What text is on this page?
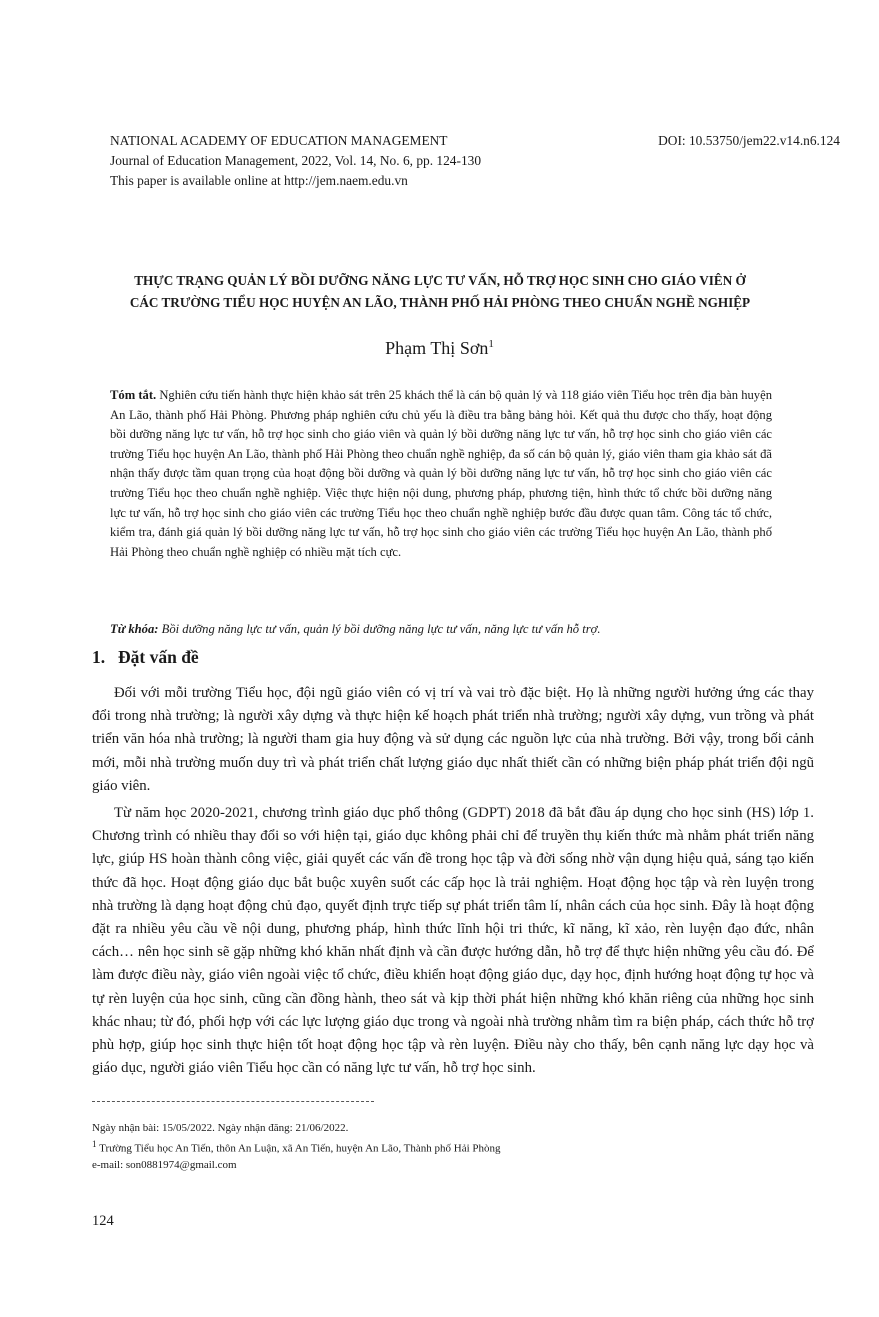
NATIONAL ACADEMY OF EDUCATION MANAGEMENT	DOI: 10.53750/jem22.v14.n6.124
Journal of Education Management, 2022, Vol. 14, No. 6, pp. 124-130
This paper is available online at http://jem.naem.edu.vn
THỰC TRẠNG QUẢN LÝ BỒI DƯỠNG NĂNG LỰC TƯ VẤN, HỖ TRỢ HỌC SINH CHO GIÁO VIÊN Ở
CÁC TRƯỜNG TIỂU HỌC HUYỆN AN LÃO, THÀNH PHỐ HẢI PHÒNG THEO CHUẨN NGHỀ NGHIỆP
Phạm Thị Sơn$^1$
Tóm tắt. Nghiên cứu tiến hành thực hiện khảo sát trên 25 khách thể là cán bộ quản lý và 118 giáo viên Tiểu học trên địa bàn huyện An Lão, thành phố Hải Phòng. Phương pháp nghiên cứu chủ yếu là điều tra bằng bảng hỏi. Kết quả thu được cho thấy, hoạt động bồi dưỡng năng lực tư vấn, hỗ trợ học sinh cho giáo viên và quản lý bồi dưỡng năng lực tư vấn, hỗ trợ học sinh cho giáo viên các trường Tiểu học huyện An Lão, thành phố Hải Phòng theo chuẩn nghề nghiệp, đa số cán bộ quản lý, giáo viên tham gia khảo sát đã nhận thấy được tầm quan trọng của hoạt động bồi dưỡng và quản lý bồi dưỡng năng lực tư vấn, hỗ trợ học sinh cho giáo viên các trường Tiểu học theo chuẩn nghề nghiệp. Việc thực hiện nội dung, phương pháp, phương tiện, hình thức tổ chức bồi dưỡng năng lực tư vấn, hỗ trợ học sinh cho giáo viên các trường Tiểu học theo chuẩn nghề nghiệp bước đầu được quan tâm. Công tác tổ chức, kiểm tra, đánh giá quản lý bồi dưỡng năng lực tư vấn, hỗ trợ học sinh cho giáo viên các trường Tiểu học huyện An Lão, thành phố Hải Phòng theo chuẩn nghề nghiệp có nhiều mặt tích cực.
Từ khóa: Bồi dưỡng năng lực tư vấn, quản lý bồi dưỡng năng lực tư vấn, năng lực tư vấn hỗ trợ.
1. Đặt vấn đề

Đối với mỗi trường Tiểu học, đội ngũ giáo viên có vị trí và vai trò đặc biệt. Họ là những người hưởng ứng các thay đổi trong nhà trường; là người xây dựng và thực hiện kế hoạch phát triển nhà trường; người xây dựng, vun trồng và phát triển văn hóa nhà trường; là người tham gia huy động và sử dụng các nguồn lực của nhà trường. Bởi vậy, trong bối cảnh mới, mỗi nhà trường muốn duy trì và phát triển chất lượng giáo dục nhất thiết cần có những biện pháp phát triển đội ngũ giáo viên.

Từ năm học 2020-2021, chương trình giáo dục phổ thông (GDPT) 2018 đã bắt đầu áp dụng cho học sinh (HS) lớp 1. Chương trình có nhiều thay đổi so với hiện tại, giáo dục không phải chỉ để truyền thụ kiến thức mà nhằm phát triển năng lực, giúp HS hoàn thành công việc, giải quyết các vấn đề trong học tập và đời sống nhờ vận dụng hiệu quả, sáng tạo kiến thức đã học. Hoạt động giáo dục bắt buộc xuyên suốt các cấp học là trải nghiệm. Hoạt động học tập và rèn luyện trong nhà trường là dạng hoạt động chủ đạo, quyết định trực tiếp sự phát triển tâm lí, nhân cách của học sinh. Đây là hoạt động đặt ra nhiều yêu cầu về nội dung, phương pháp, hình thức lĩnh hội tri thức, kĩ năng, kĩ xảo, rèn luyện đạo đức, nhân cách… nên học sinh sẽ gặp những khó khăn nhất định và cần được hướng dẫn, hỗ trợ để thực hiện những yêu cầu đó. Để làm được điều này, giáo viên ngoài việc tổ chức, điều khiển hoạt động giáo dục, dạy học, định hướng hoạt động tự học và tự rèn luyện của học sinh, cũng cần đồng hành, theo sát và kịp thời phát hiện những khó khăn riêng của những học sinh khác nhau; từ đó, phối hợp với các lực lượng giáo dục trong và ngoài nhà trường nhằm tìm ra biện pháp, cách thức hỗ trợ phù hợp, giúp học sinh thực hiện tốt hoạt động học tập và rèn luyện. Điều này cho thấy, bên cạnh năng lực dạy học và giáo dục, người giáo viên Tiểu học cần có năng lực tư vấn, hỗ trợ học sinh.

Ngày nhận bài: 15/05/2022. Ngày nhận đăng: 21/06/2022.
$^1$ Trường Tiểu học An Tiến, thôn An Luận, xã An Tiến, huyện An Lão, Thành phố Hải Phòng
e-mail: son0881974@gmail.com
124
